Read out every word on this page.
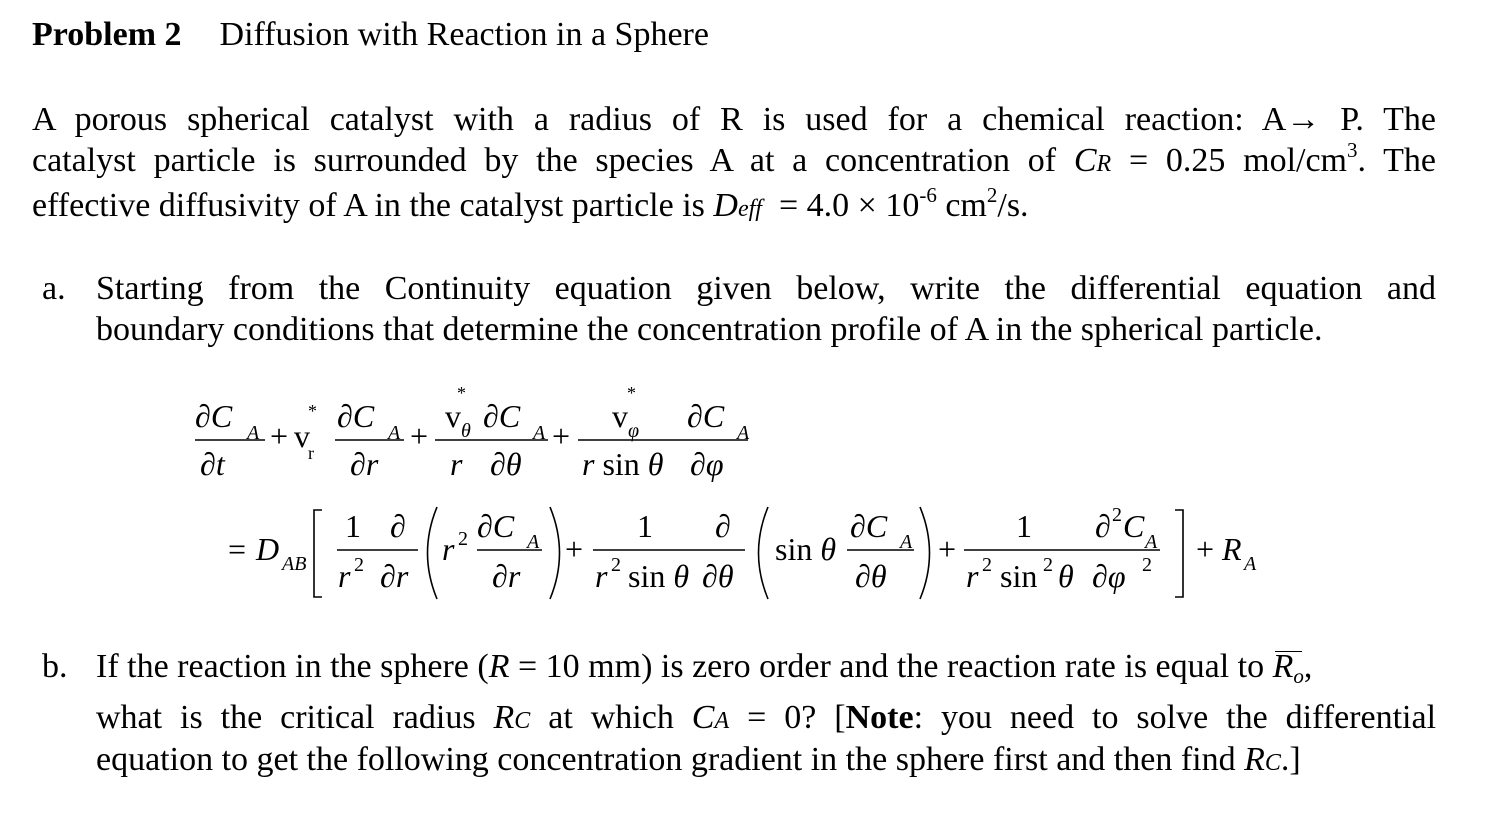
Problem 2 Diffusion with Reaction in a Sphere
A porous spherical catalyst with a radius of R is used for a chemical reaction: A→ P. The
catalyst particle is surrounded by the species A at a concentration of CR = 0.25 mol/$cm^3$. The
effective diffusivity of A in the catalyst particle is Deff = $4.0 \times 10^{-6}$ $cm^2/s$.
a. Starting from the Continuity equation given below, write the differential equation and
boundary conditions that determine the concentration profile of A in the spherical particle.
∂C A
∂t
+ v
*
r
∂C A
∂r
+
v
*
θ ∂C A
r ∂θ
+
v
*
φ ∂C A
r sin θ ∂φ
= D AB
1 ∂
r 2 ∂r
r 2 ∂C A
∂r
+
1 ∂
r 2 sin θ ∂θ
sin θ
∂C A
∂θ
+
1 ∂ 2 C A
r 2 sin 2 θ ∂φ 2 + R A
b. If the reaction in the sphere (R = 10 mm) is zero order and the reaction rate is equal to $R_o$,
what is the critical radius RC at which CA = 0? [Note: you need to solve the differential
equation to get the following concentration gradient in the sphere first and then find RC.]
